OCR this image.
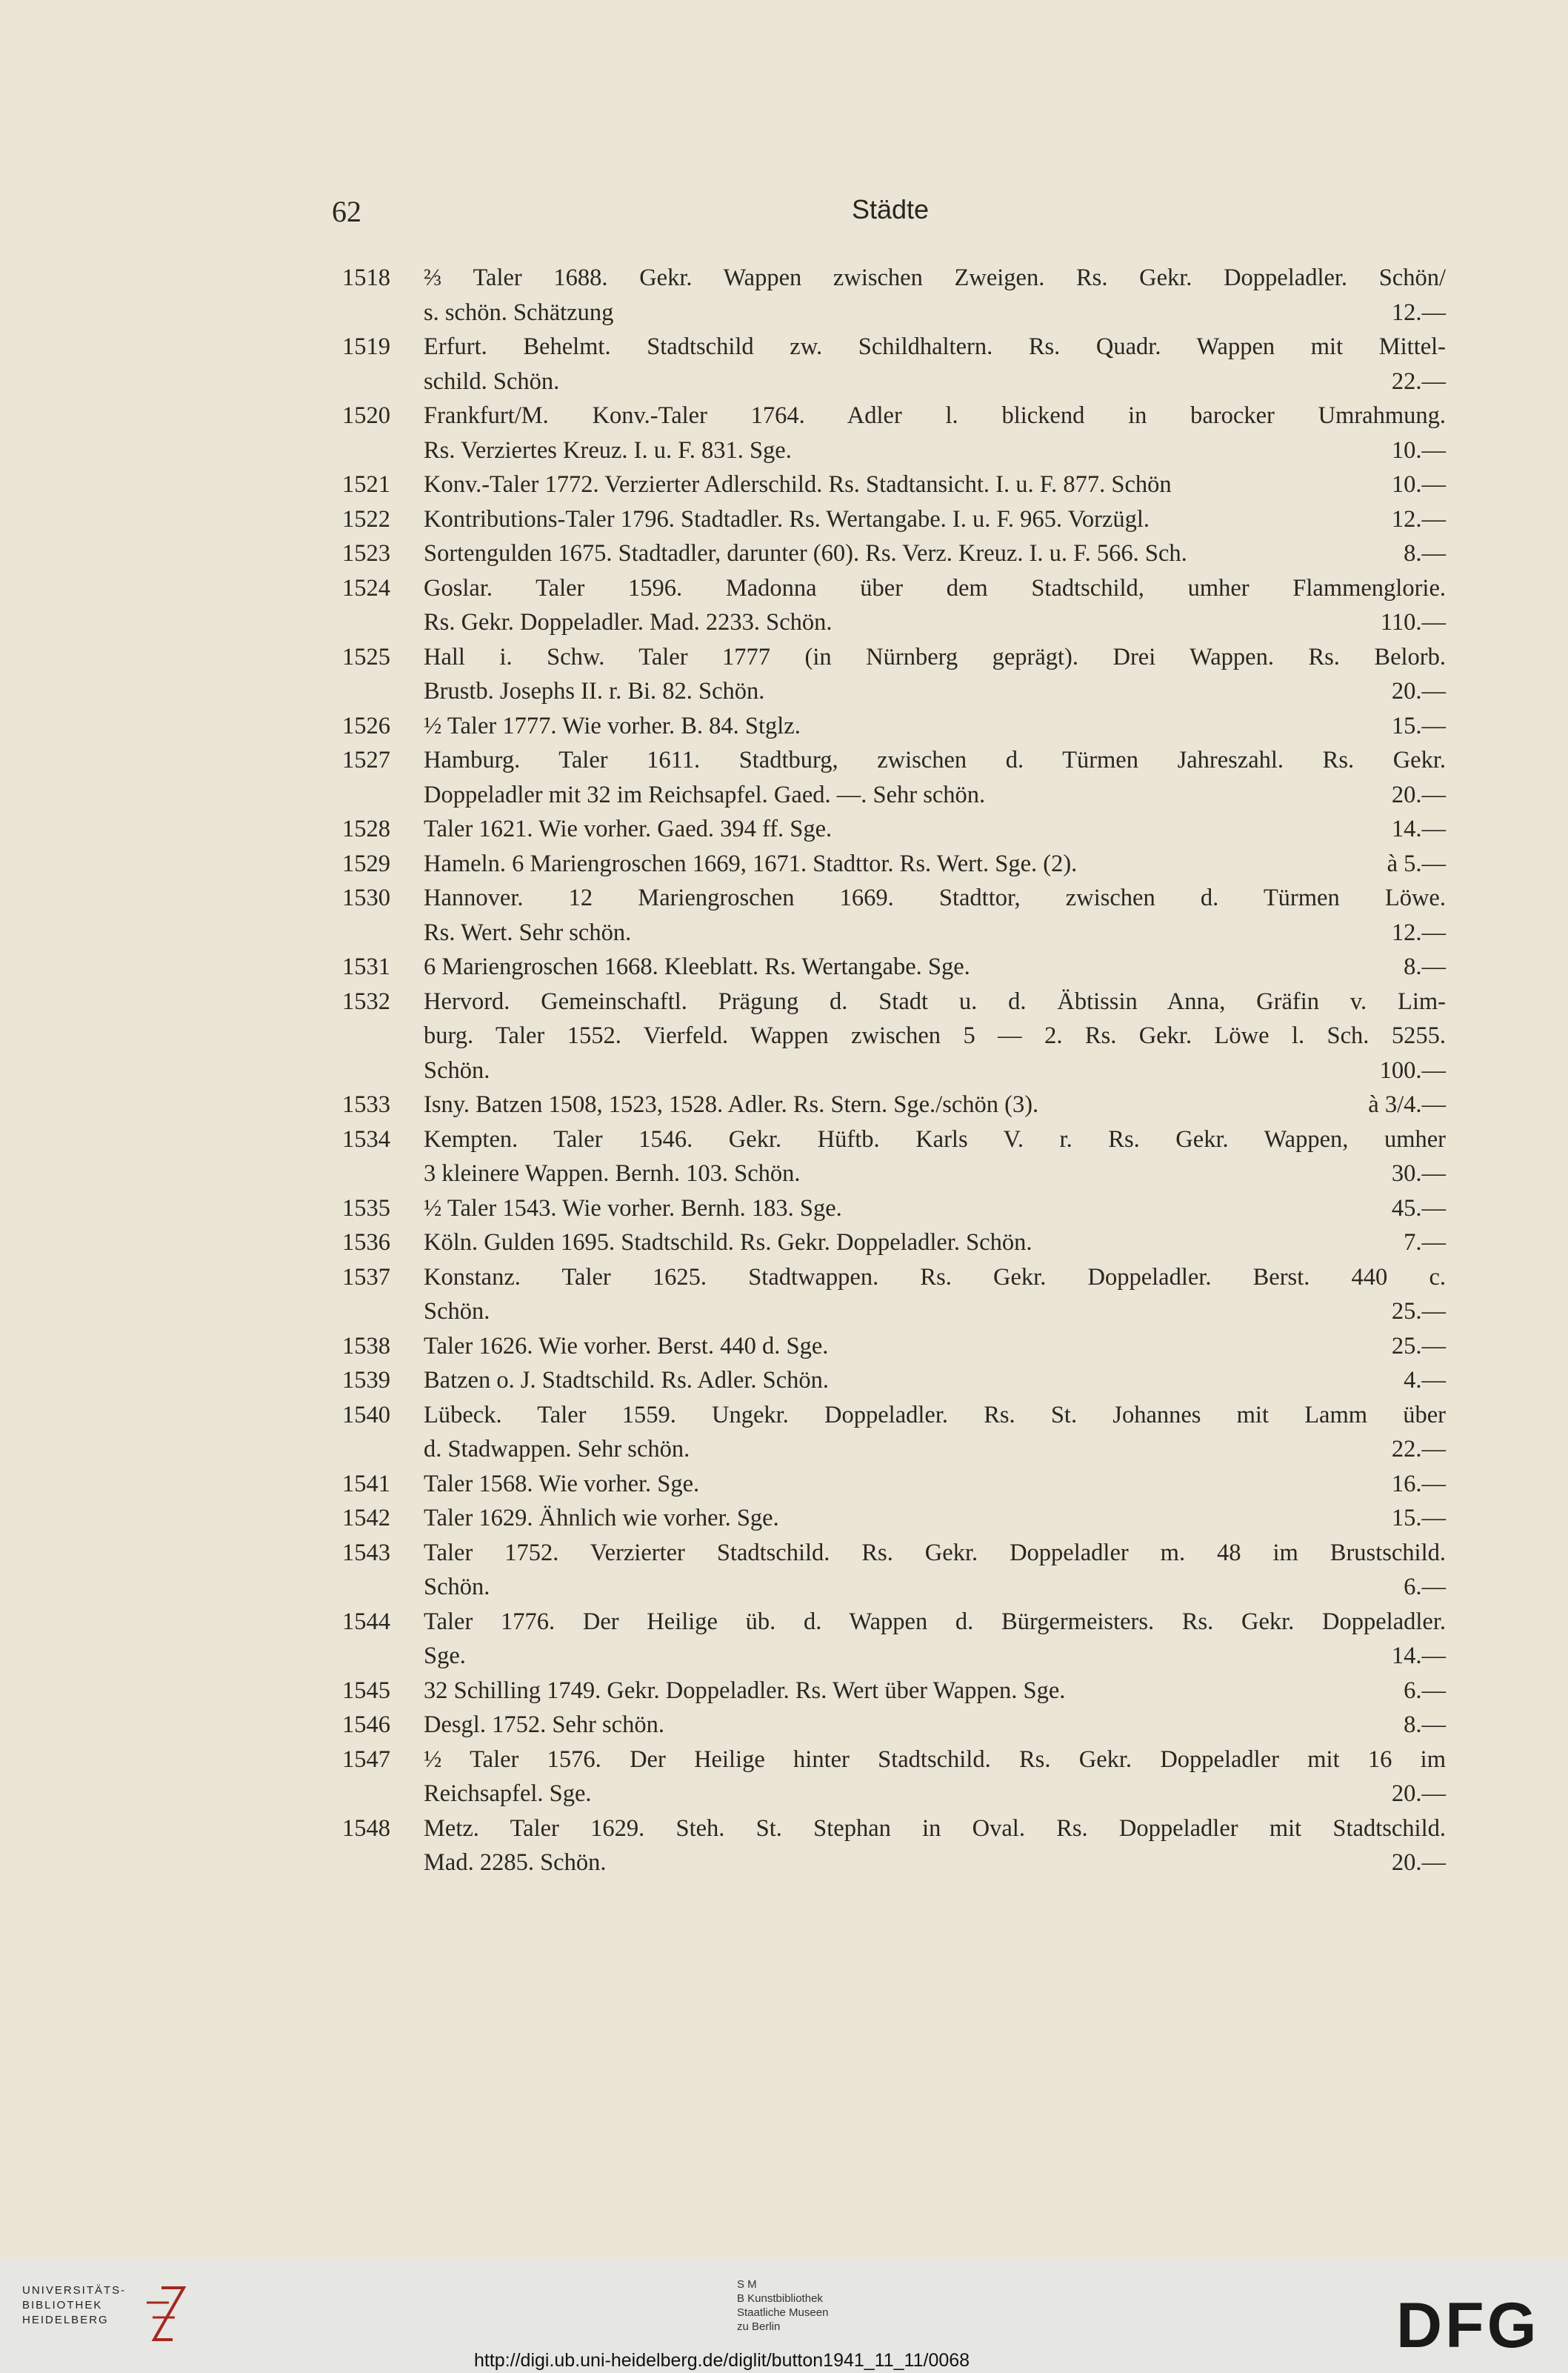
62	Städte
1518	⅔ Taler 1688. Gekr. Wappen zwischen Zweigen. Rs. Gekr. Doppeladler. Schön/
s. schön. Schätzung	12.—
1519	Erfurt. Behelmt. Stadtschild zw. Schildhaltern. Rs. Quadr. Wappen mit Mittel-
schild. Schön.	22.—
1520	Frankfurt/M. Konv.-Taler 1764. Adler l. blickend in barocker Umrahmung.
Rs. Verziertes Kreuz. I. u. F. 831. Sge.	10.—
1521	Konv.-Taler 1772. Verzierter Adlerschild. Rs. Stadtansicht. I. u. F. 877. Schön	10.—
1522	Kontributions-Taler 1796. Stadtadler. Rs. Wertangabe. I. u. F. 965. Vorzügl.	12.—
1523	Sortengulden 1675. Stadtadler, darunter (60). Rs. Verz. Kreuz. I. u. F. 566. Sch.	8.—
1524	Goslar. Taler 1596. Madonna über dem Stadtschild, umher Flammenglorie.
Rs. Gekr. Doppeladler. Mad. 2233. Schön.	110.—
1525	Hall i. Schw. Taler 1777 (in Nürnberg geprägt). Drei Wappen. Rs. Belorb.
Brustb. Josephs II. r. Bi. 82. Schön.	20.—
1526	½ Taler 1777. Wie vorher. B. 84. Stglz.	15.—
1527	Hamburg. Taler 1611. Stadtburg, zwischen d. Türmen Jahreszahl. Rs. Gekr.
Doppeladler mit 32 im Reichsapfel. Gaed. —. Sehr schön.	20.—
1528	Taler 1621. Wie vorher. Gaed. 394 ff. Sge.	14.—
1529	Hameln. 6 Mariengroschen 1669, 1671. Stadttor. Rs. Wert. Sge. (2).	à 5.—
1530	Hannover. 12 Mariengroschen 1669. Stadttor, zwischen d. Türmen Löwe.
Rs. Wert. Sehr schön.	12.—
1531	6 Mariengroschen 1668. Kleeblatt. Rs. Wertangabe. Sge.	8.—
1532	Hervord. Gemeinschaftl. Prägung d. Stadt u. d. Äbtissin Anna, Gräfin v. Lim-
burg. Taler 1552. Vierfeld. Wappen zwischen 5 — 2. Rs. Gekr. Löwe l. Sch. 5255.
Schön.	100.—
1533	Isny. Batzen 1508, 1523, 1528. Adler. Rs. Stern. Sge./schön (3).	à 3/4.—
1534	Kempten. Taler 1546. Gekr. Hüftb. Karls V. r. Rs. Gekr. Wappen, umher
3 kleinere Wappen. Bernh. 103. Schön.	30.—
1535	½ Taler 1543. Wie vorher. Bernh. 183. Sge.	45.—
1536	Köln. Gulden 1695. Stadtschild. Rs. Gekr. Doppeladler. Schön.	7.—
1537	Konstanz. Taler 1625. Stadtwappen. Rs. Gekr. Doppeladler. Berst. 440 c.
Schön.	25.—
1538	Taler 1626. Wie vorher. Berst. 440 d. Sge.	25.—
1539	Batzen o. J. Stadtschild. Rs. Adler. Schön.	4.—
1540	Lübeck. Taler 1559. Ungekr. Doppeladler. Rs. St. Johannes mit Lamm über
d. Stadwappen. Sehr schön.	22.—
1541	Taler 1568. Wie vorher. Sge.	16.—
1542	Taler 1629. Ähnlich wie vorher. Sge.	15.—
1543	Taler 1752. Verzierter Stadtschild. Rs. Gekr. Doppeladler m. 48 im Brustschild.
Schön.	6.—
1544	Taler 1776. Der Heilige üb. d. Wappen d. Bürgermeisters. Rs. Gekr. Doppeladler.
Sge.	14.—
1545	32 Schilling 1749. Gekr. Doppeladler. Rs. Wert über Wappen. Sge.	6.—
1546	Desgl. 1752. Sehr schön.	8.—
1547	½ Taler 1576. Der Heilige hinter Stadtschild. Rs. Gekr. Doppeladler mit 16 im
Reichsapfel. Sge.	20.—
1548	Metz. Taler 1629. Steh. St. Stephan in Oval. Rs. Doppeladler mit Stadtschild.
Mad. 2285. Schön.	20.—
UNIVERSITÄTS-
BIBLIOTHEK
HEIDELBERG
S M
B Kunstbibliothek
Staatliche Museen
zu Berlin	DFG
http://digi.ub.uni-heidelberg.de/diglit/button1941_11_11/0068
